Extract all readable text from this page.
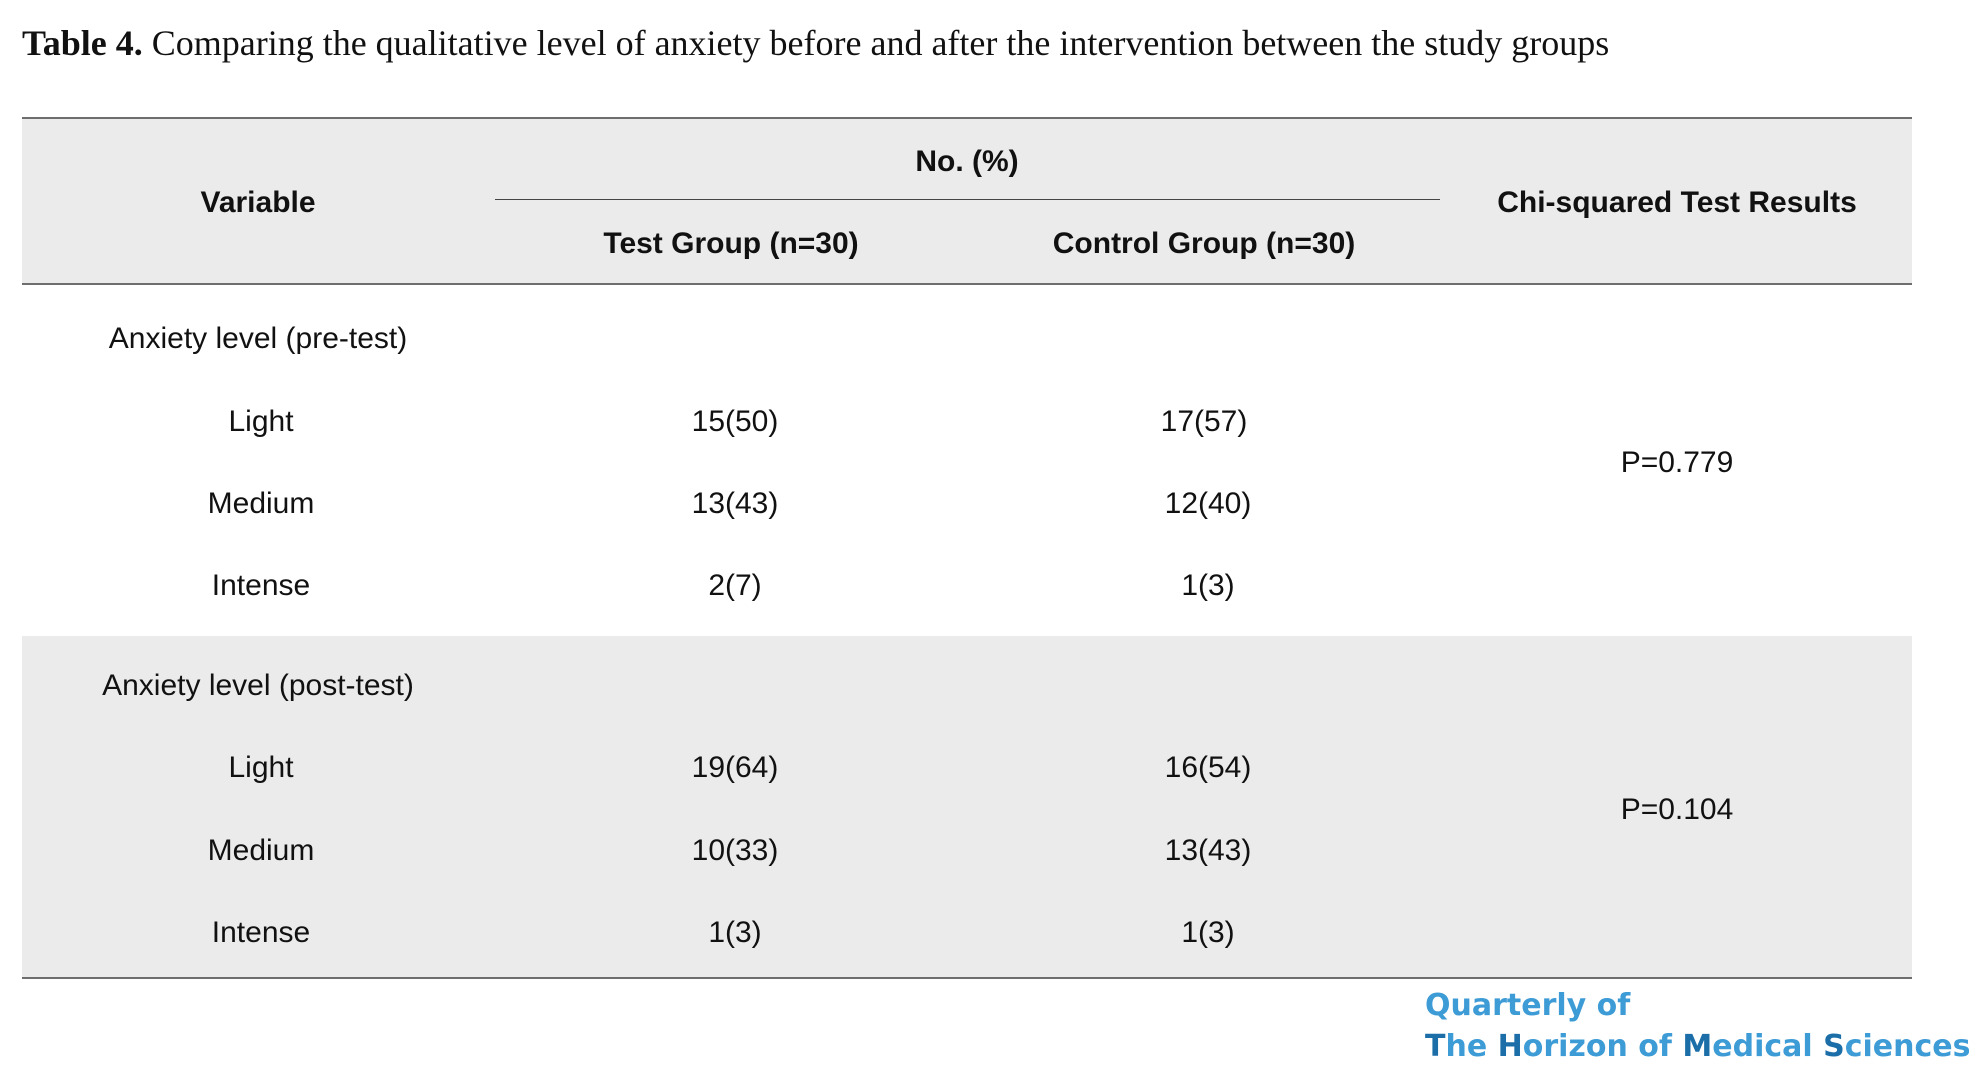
Table 4. Comparing the qualitative level of anxiety before and after the intervention between the study groups
Variable
No. (%)
Test Group (n=30)	Control Group (n=30)
Chi-squared Test Results
Anxiety level (pre-test)
Light	15(50)	17(57)
Medium	13(43)	12(40)
Intense	2(7)	1(3)
P=0.779
Anxiety level (post-test)
Light	19(64)	16(54)
Medium	10(33)	13(43)
Intense	1(3)	1(3)
P=0.104
Quarterly of
The Horizon of Medical Sciences
